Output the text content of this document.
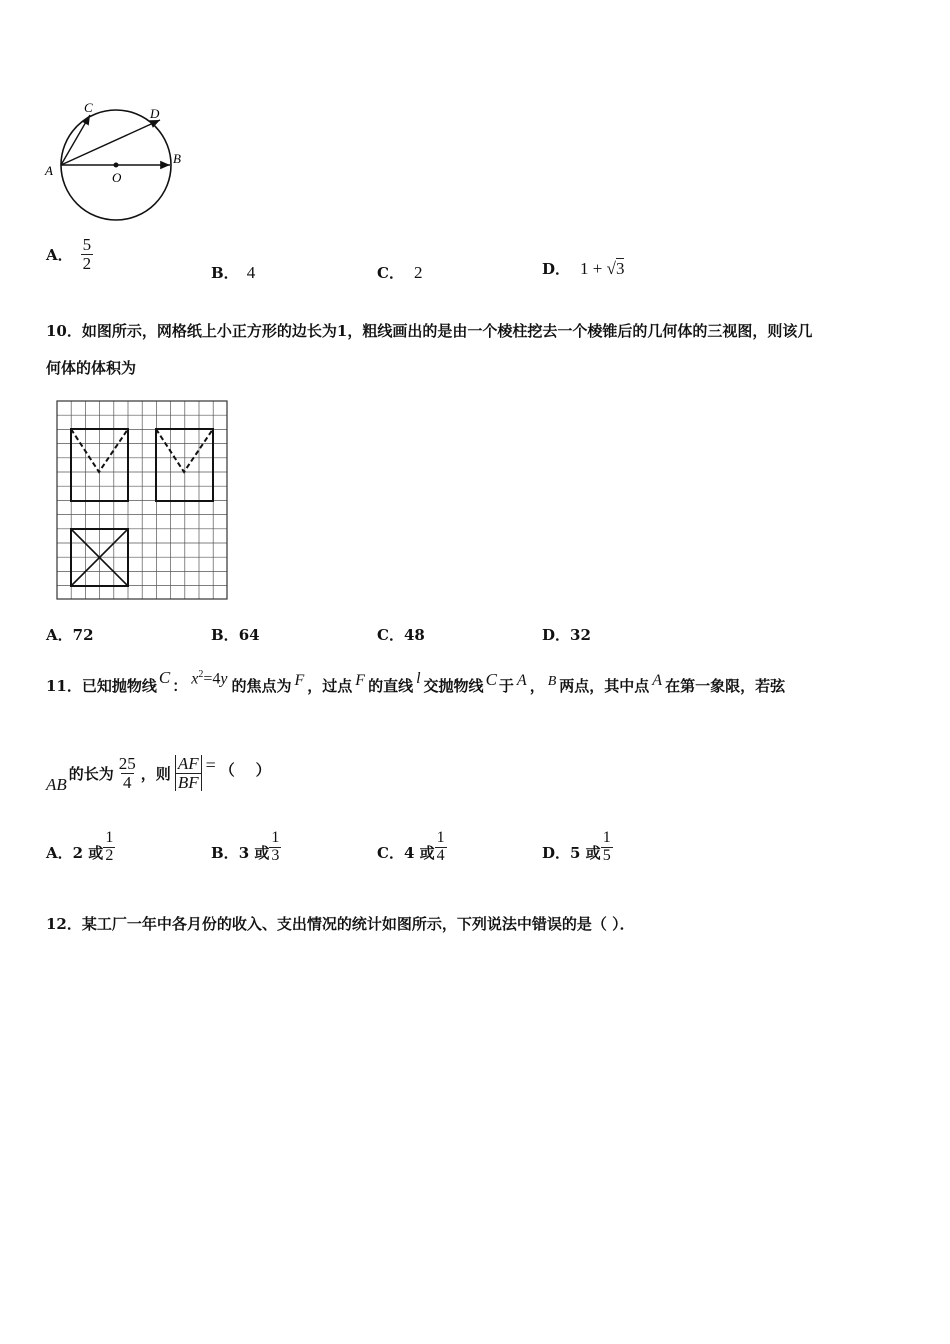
C	D
A
B
O
A． $\frac{5}{2}$
B． 4	C． 2	D． 1 + √ 3
10．如图所示，网格纸上小正方形的边长为1，粗线画出的是由一个棱柱挖去一个棱锥后的几何体的三视图，则该几
何体的体积为
A．72	B．64	C．48	D．32
11．已知抛物线 C ： $x^2=4y$ 的焦点为 F ，过点 F 的直线 l 交抛物线 C 于 A ， B 两点，其中点 A 在第一象限，若弦
AB
的长为 $\frac{25}{4}$ ，则 $\frac{AF}{BF}$ = （    ）
A． 2 或 $\frac{1}{2}$	B． 3 或 $\frac{1}{3}$	C． 4 或 $\frac{1}{4}$	D． 5 或 $\frac{1}{5}$
12．某工厂一年中各月份的收入、支出情况的统计如图所示，下列说法中错误的是（ ）．
